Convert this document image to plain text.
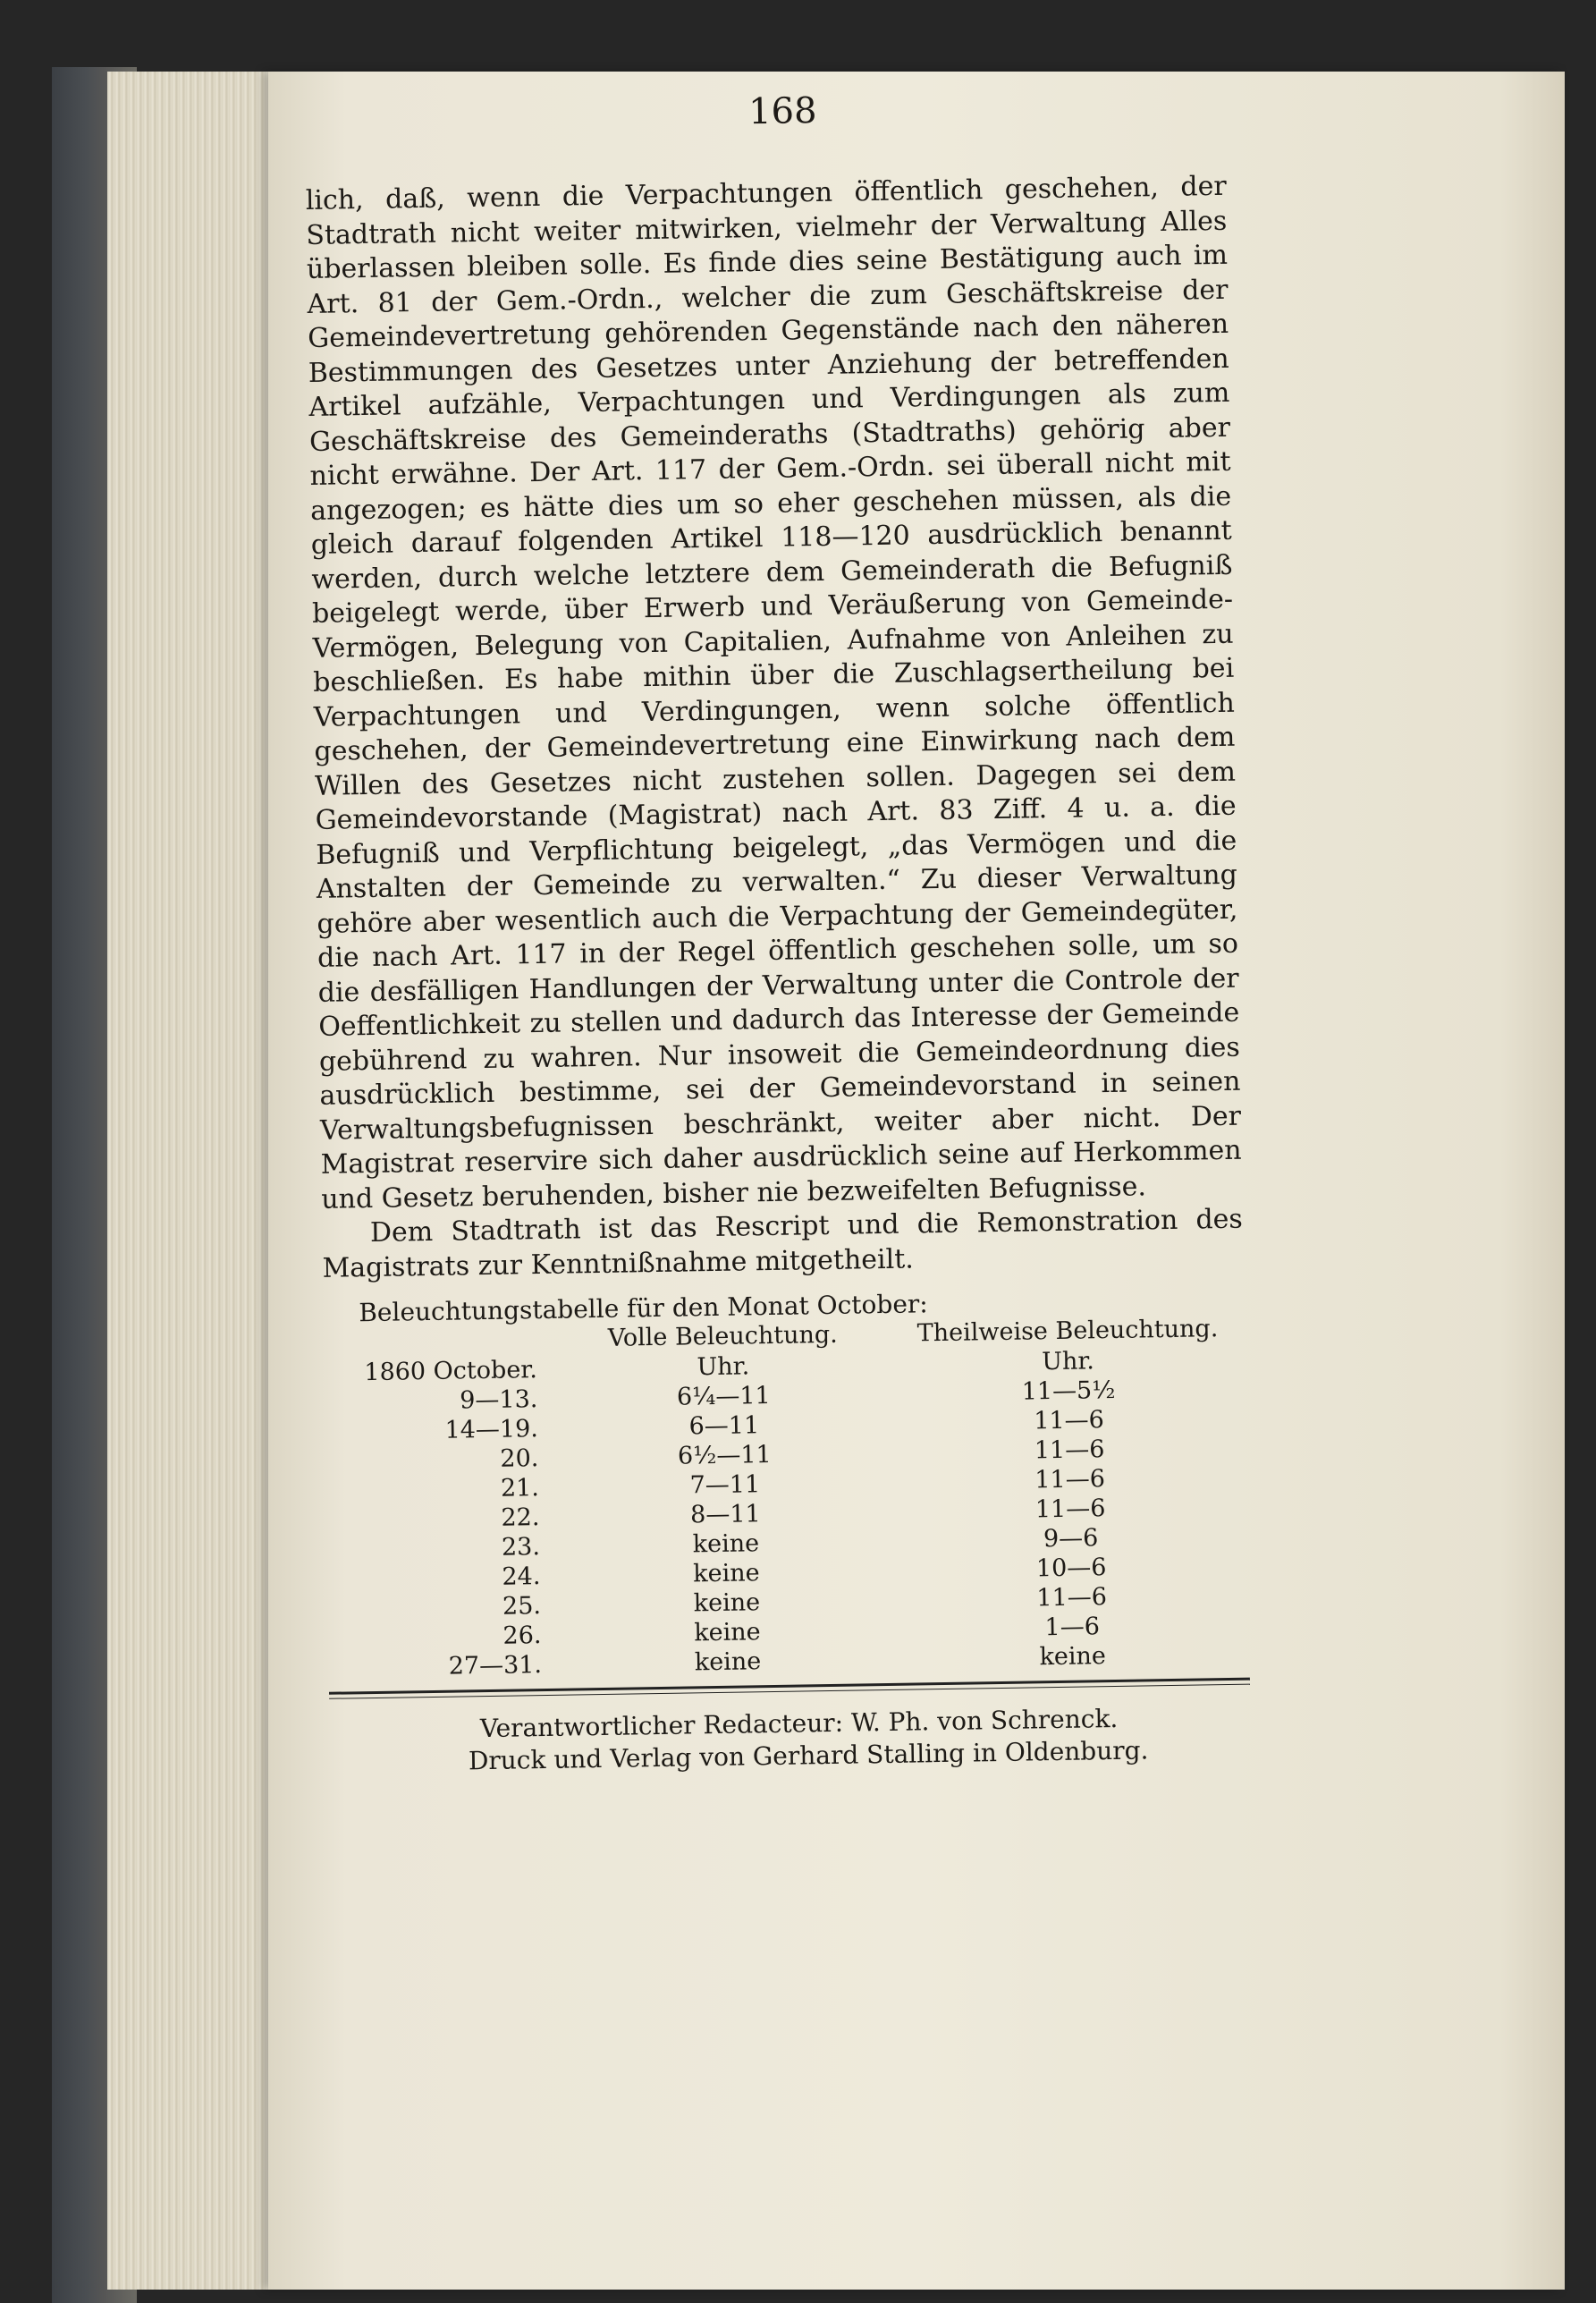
168

lich, daß, wenn die Verpachtungen öffentlich geschehen, der Stadtrath nicht weiter mitwirken, vielmehr der Verwaltung Alles überlassen bleiben solle. Es finde dies seine Bestätigung auch im Art. 81 der Gem.-Ordn., welcher die zum Geschäftskreise der Gemeindevertretung gehörenden Gegenstände nach den näheren Bestimmungen des Gesetzes unter Anziehung der betreffenden Artikel aufzähle, Verpachtungen und Verdingungen als zum Geschäftskreise des Gemeinderaths (Stadtraths) gehörig aber nicht erwähne. Der Art. 117 der Gem.-Ordn. sei überall nicht mit angezogen; es hätte dies um so eher geschehen müssen, als die gleich darauf folgenden Artikel 118—120 ausdrücklich benannt werden, durch welche letztere dem Gemeinderath die Befugniß beigelegt werde, über Erwerb und Veräußerung von Gemeinde-Vermögen, Belegung von Capitalien, Aufnahme von Anleihen zu beschließen. Es habe mithin über die Zuschlagsertheilung bei Verpachtungen und Verdingungen, wenn solche öffentlich geschehen, der Gemeindevertretung eine Einwirkung nach dem Willen des Gesetzes nicht zustehen sollen. Dagegen sei dem Gemeindevorstande (Magistrat) nach Art. 83 Ziff. 4 u. a. die Befugniß und Verpflichtung beigelegt, „das Vermögen und die Anstalten der Gemeinde zu verwalten.“ Zu dieser Verwaltung gehöre aber wesentlich auch die Verpachtung der Gemeindegüter, die nach Art. 117 in der Regel öffentlich geschehen solle, um so die desfälligen Handlungen der Verwaltung unter die Controle der Oeffentlichkeit zu stellen und dadurch das Interesse der Gemeinde gebührend zu wahren. Nur insoweit die Gemeindeordnung dies ausdrücklich bestimme, sei der Gemeindevorstand in seinen Verwaltungsbefugnissen beschränkt, weiter aber nicht. Der Magistrat reservire sich daher ausdrücklich seine auf Herkommen und Gesetz beruhenden, bisher nie bezweifelten Befugnisse.

Dem Stadtrath ist das Rescript und die Remonstration des Magistrats zur Kenntnißnahme mitgetheilt.

Beleuchtungstabelle für den Monat October:
	Volle Beleuchtung.	Theilweise Beleuchtung.
1860 October.	Uhr.	Uhr.
9—13.	6¼—11	11—5½
14—19.	6—11	11—6
20.	6½—11	11—6
21.	7—11	11—6
22.	8—11	11—6
23.	keine	9—6
24.	keine	10—6
25.	keine	11—6
26.	keine	1—6
27—31.	keine	keine
Verantwortlicher Redacteur: W. Ph. von Schrenck.
Druck und Verlag von Gerhard Stalling in Oldenburg.
